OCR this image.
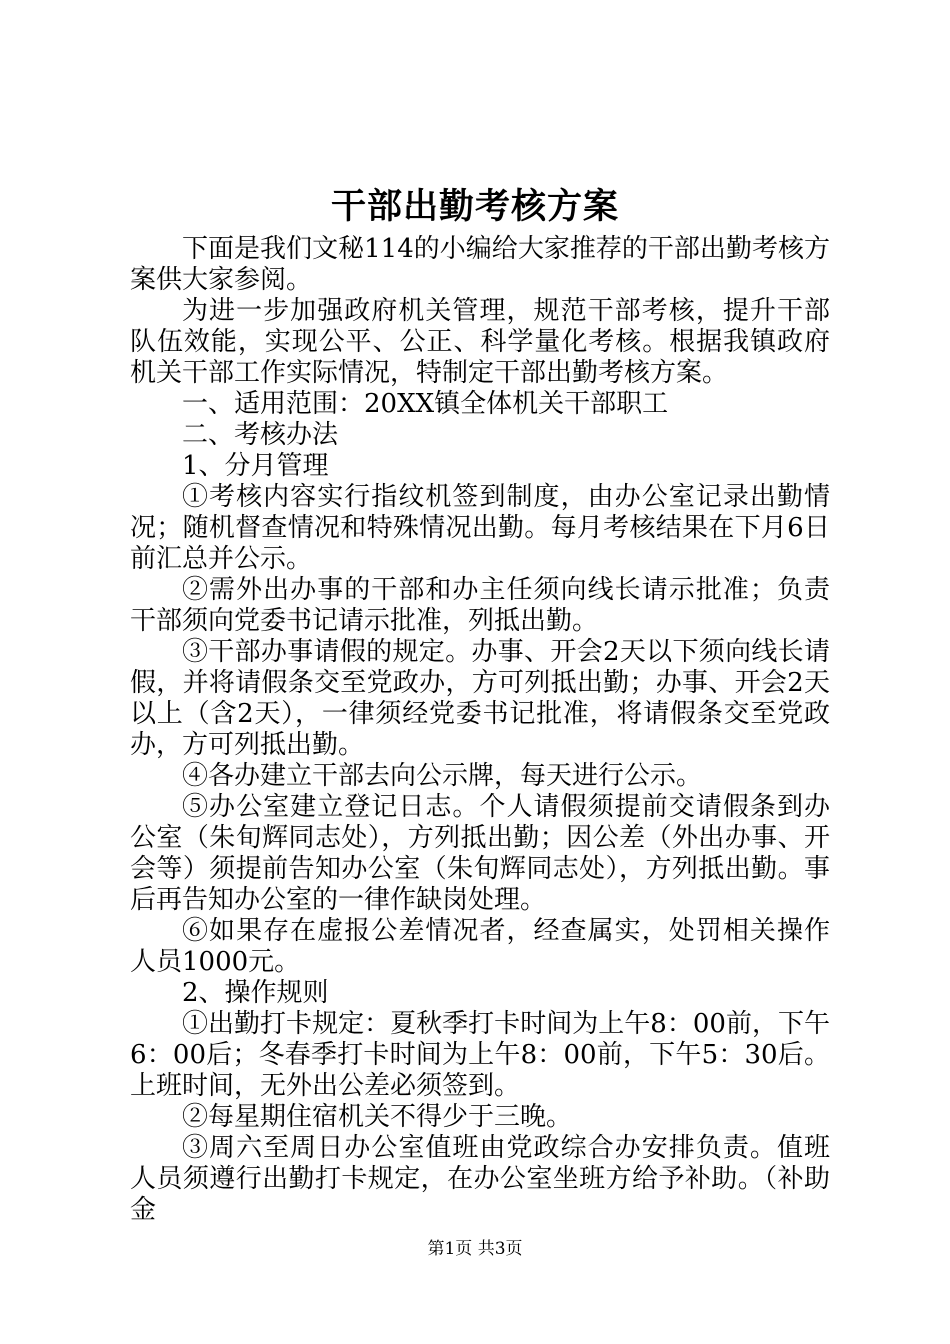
干部出勤考核方案

下面是我们文秘114的小编给大家推荐的干部出勤考核方案供大家参阅。

为进一步加强政府机关管理，规范干部考核，提升干部队伍效能，实现公平、公正、科学量化考核。根据我镇政府机关干部工作实际情况，特制定干部出勤考核方案。

一、适用范围：20XX镇全体机关干部职工

二、考核办法

1、分月管理

①考核内容实行指纹机签到制度，由办公室记录出勤情况；随机督查情况和特殊情况出勤。每月考核结果在下月6日前汇总并公示。

②需外出办事的干部和办主任须向线长请示批准；负责干部须向党委书记请示批准，列抵出勤。

③干部办事请假的规定。办事、开会2天以下须向线长请假，并将请假条交至党政办，方可列抵出勤；办事、开会2天以上（含2天），一律须经党委书记批准，将请假条交至党政办，方可列抵出勤。

④各办建立干部去向公示牌，每天进行公示。

⑤办公室建立登记日志。个人请假须提前交请假条到办公室（朱旬辉同志处），方列抵出勤；因公差（外出办事、开会等）须提前告知办公室（朱旬辉同志处），方列抵出勤。事后再告知办公室的一律作缺岗处理。

⑥如果存在虚报公差情况者，经查属实，处罚相关操作人员1000元。

2、操作规则

①出勤打卡规定：夏秋季打卡时间为上午8：00前，下午6：00后；冬春季打卡时间为上午8：00前，下午5：30后。上班时间，无外出公差必须签到。

②每星期住宿机关不得少于三晚。

③周六至周日办公室值班由党政综合办安排负责。值班人员须遵行出勤打卡规定，在办公室坐班方给予补助。（补助金

第1页 共3页
